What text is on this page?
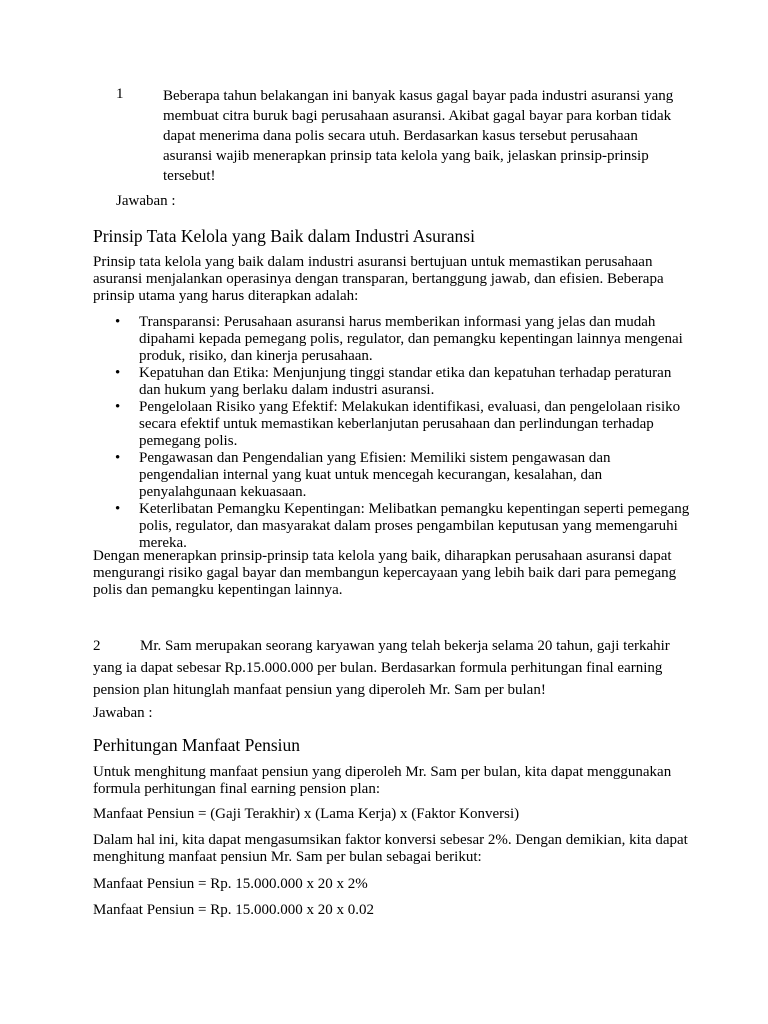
1	Beberapa tahun belakangan ini banyak kasus gagal bayar pada industri asuransi yang membuat citra buruk bagi perusahaan asuransi. Akibat gagal bayar para korban tidak dapat menerima dana polis secara utuh. Berdasarkan kasus tersebut perusahaan asuransi wajib menerapkan prinsip tata kelola yang baik, jelaskan prinsip-prinsip tersebut!
Jawaban :
Prinsip Tata Kelola yang Baik dalam Industri Asuransi
Prinsip tata kelola yang baik dalam industri asuransi bertujuan untuk memastikan perusahaan asuransi menjalankan operasinya dengan transparan, bertanggung jawab, dan efisien. Beberapa prinsip utama yang harus diterapkan adalah:
• Transparansi: Perusahaan asuransi harus memberikan informasi yang jelas dan mudah dipahami kepada pemegang polis, regulator, dan pemangku kepentingan lainnya mengenai produk, risiko, dan kinerja perusahaan.
• Kepatuhan dan Etika: Menjunjung tinggi standar etika dan kepatuhan terhadap peraturan dan hukum yang berlaku dalam industri asuransi.
• Pengelolaan Risiko yang Efektif: Melakukan identifikasi, evaluasi, dan pengelolaan risiko secara efektif untuk memastikan keberlanjutan perusahaan dan perlindungan terhadap pemegang polis.
• Pengawasan dan Pengendalian yang Efisien: Memiliki sistem pengawasan dan pengendalian internal yang kuat untuk mencegah kecurangan, kesalahan, dan penyalahgunaan kekuasaan.
• Keterlibatan Pemangku Kepentingan: Melibatkan pemangku kepentingan seperti pemegang polis, regulator, dan masyarakat dalam proses pengambilan keputusan yang memengaruhi mereka.
Dengan menerapkan prinsip-prinsip tata kelola yang baik, diharapkan perusahaan asuransi dapat mengurangi risiko gagal bayar dan membangun kepercayaan yang lebih baik dari para pemegang polis dan pemangku kepentingan lainnya.
2	Mr. Sam merupakan seorang karyawan yang telah bekerja selama 20 tahun, gaji terkahir yang ia dapat sebesar Rp.15.000.000 per bulan. Berdasarkan formula perhitungan final earning pension plan hitunglah manfaat pensiun yang diperoleh Mr. Sam per bulan!
Jawaban :
Perhitungan Manfaat Pensiun
Untuk menghitung manfaat pensiun yang diperoleh Mr. Sam per bulan, kita dapat menggunakan formula perhitungan final earning pension plan:
Manfaat Pensiun = (Gaji Terakhir) x (Lama Kerja) x (Faktor Konversi)
Dalam hal ini, kita dapat mengasumsikan faktor konversi sebesar 2%. Dengan demikian, kita dapat menghitung manfaat pensiun Mr. Sam per bulan sebagai berikut:
Manfaat Pensiun = Rp. 15.000.000 x 20 x 2%
Manfaat Pensiun = Rp. 15.000.000 x 20 x 0.02
